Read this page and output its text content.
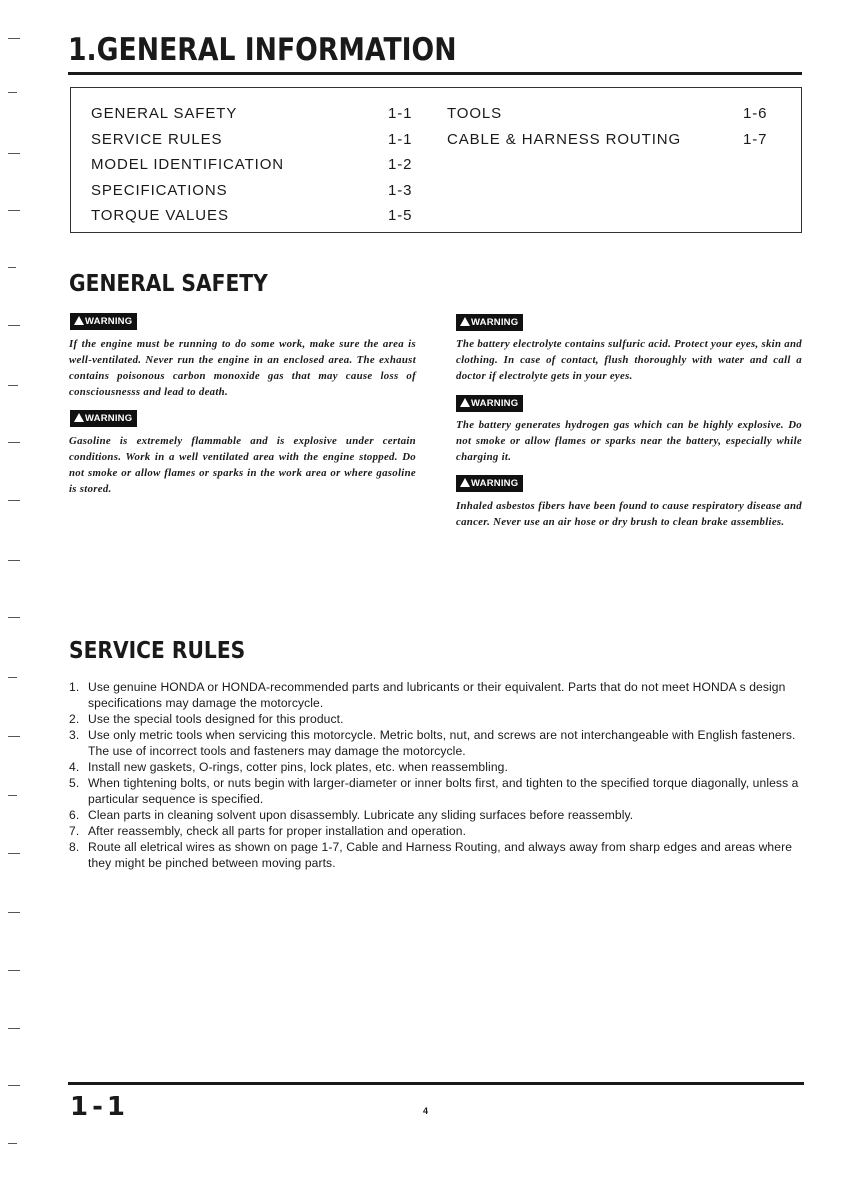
1.GENERAL INFORMATION
GENERAL SAFETY	1-1
SERVICE RULES	1-1
MODEL IDENTIFICATION	1-2
SPECIFICATIONS	1-3
TORQUE VALUES	1-5
TOOLS	1-6
CABLE & HARNESS ROUTING	1-7
GENERAL SAFETY
WARNING

If the engine must be running to do some work, make sure the area is well-ventilated. Never run the engine in an enclosed area. The exhaust contains poisonous carbon monoxide gas that may cause loss of consciousnesss and lead to death.

WARNING

Gasoline is extremely flammable and is explosive under certain conditions. Work in a well ventilated area with the engine stopped. Do not smoke or allow flames or sparks in the work area or where gasoline is stored.

WARNING

The battery electrolyte contains sulfuric acid. Protect your eyes, skin and clothing. In case of contact, flush thoroughly with water and call a doctor if electrolyte gets in your eyes.

WARNING

The battery generates hydrogen gas which can be highly explosive. Do not smoke or allow flames or sparks near the battery, especially while charging it.

WARNING

Inhaled asbestos fibers have been found to cause respiratory disease and cancer. Never use an air hose or dry brush to clean brake assemblies.

SERVICE RULES
1. Use genuine HONDA or HONDA-recommended parts and lubricants or their equivalent. Parts that do not meet HONDA s design specifications may damage the motorcycle.
2. Use the special tools designed for this product.
3. Use only metric tools when servicing this motorcycle. Metric bolts, nut, and screws are not interchangeable with English fasteners. The use of incorrect tools and fasteners may damage the motorcycle.
4. Install new gaskets, O-rings, cotter pins, lock plates, etc. when reassembling.
5. When tightening bolts, or nuts begin with larger-diameter or inner bolts first, and tighten to the specified torque diagonally, unless a particular sequence is specified.
6. Clean parts in cleaning solvent upon disassembly. Lubricate any sliding surfaces before reassembly.
7. After reassembly, check all parts for proper installation and operation.
8. Route all eletrical wires as shown on page 1-7, Cable and Harness Routing, and always away from sharp edges and areas where they might be pinched between moving parts.
1-1	4
